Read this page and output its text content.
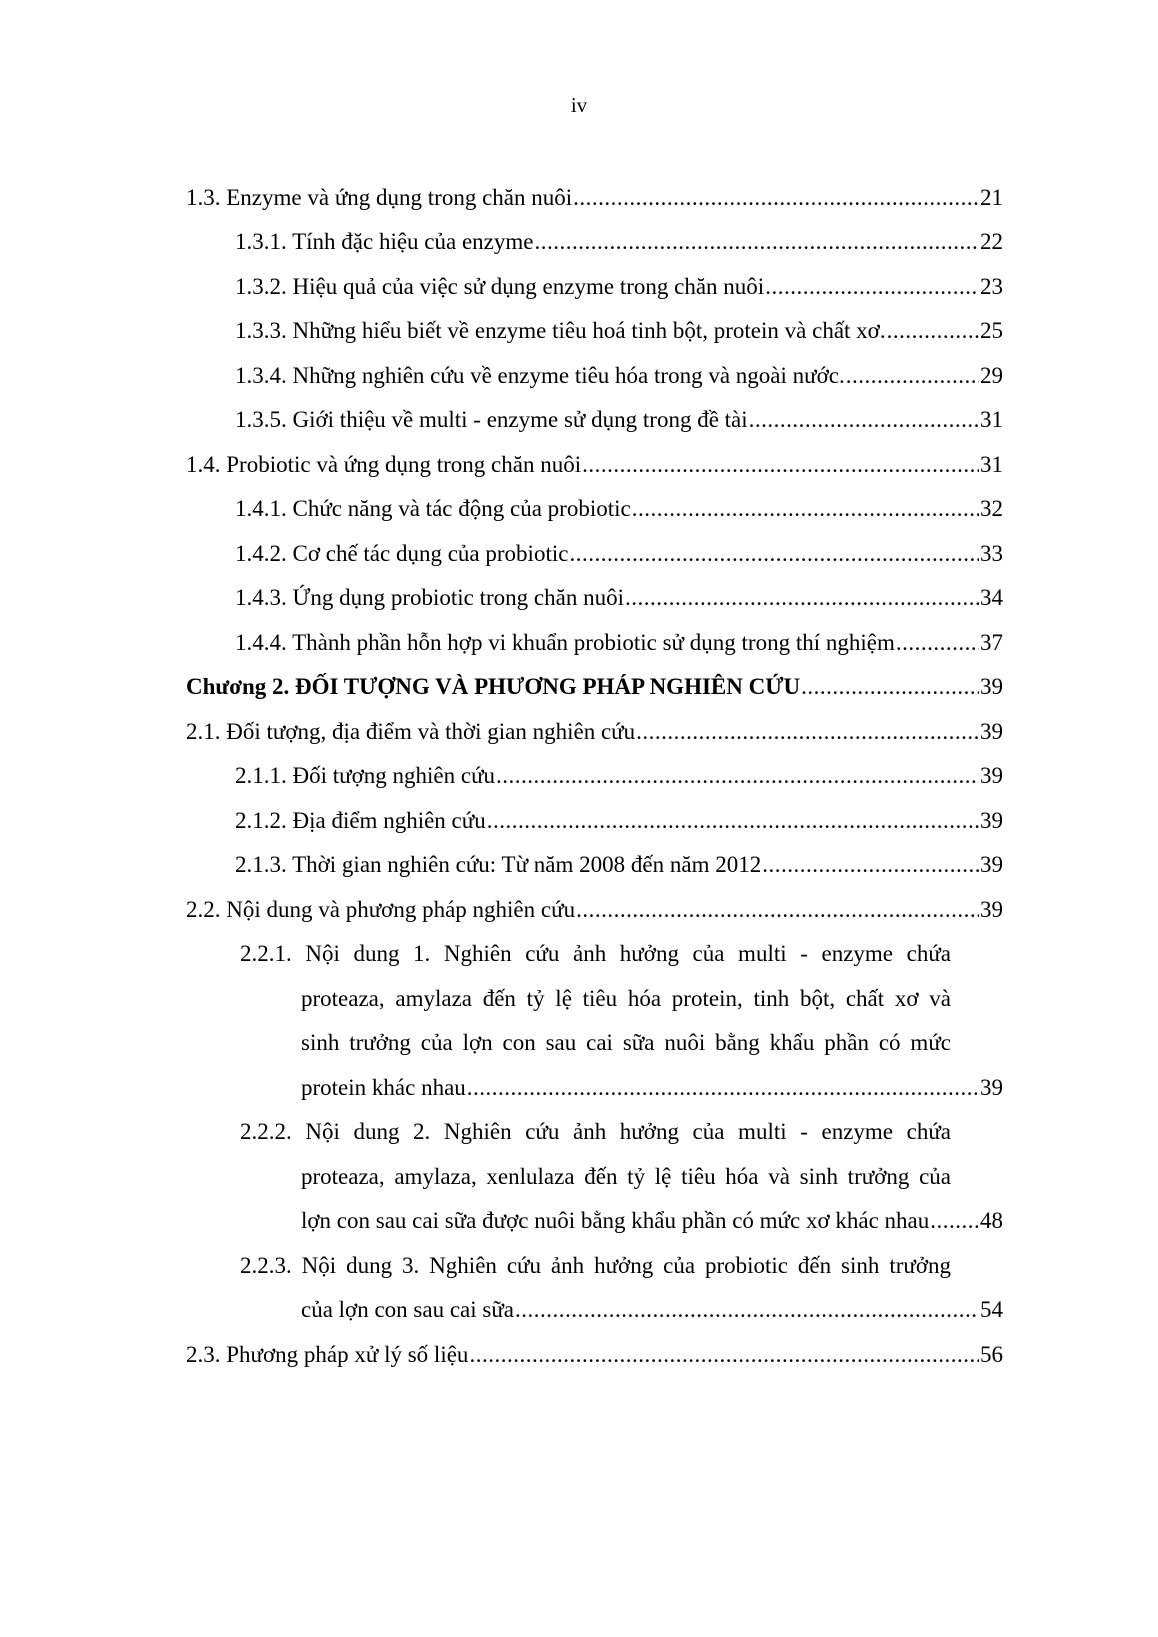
iv
1.3. Enzyme và ứng dụng trong chăn nuôi .....	21
1.3.1. Tính đặc hiệu của enzyme .....	22
1.3.2. Hiệu quả của việc sử dụng enzyme trong chăn nuôi .....	23
1.3.3. Những hiểu biết về enzyme tiêu hoá tinh bột, protein và chất xơ. .....	25
1.3.4. Những nghiên cứu về enzyme tiêu hóa trong và ngoài nước. .....	29
1.3.5. Giới thiệu về multi - enzyme sử dụng trong đề tài .....	31
1.4. Probiotic và ứng dụng trong chăn nuôi .....	31
1.4.1. Chức năng và tác động của probiotic .....	32
1.4.2. Cơ chế tác dụng của probiotic .....	33
1.4.3. Ứng dụng probiotic trong chăn nuôi .....	34
1.4.4. Thành phần hỗn hợp vi khuẩn probiotic sử dụng trong thí nghiệm .....	37
Chương 2. ĐỐI TƯỢNG VÀ PHƯƠNG PHÁP NGHIÊN CỨU .....	39
2.1. Đối tượng, địa điểm và thời gian nghiên cứu .....	39
2.1.1. Đối tượng nghiên cứu .....	39
2.1.2. Địa điểm nghiên cứu .....	39
2.1.3. Thời gian nghiên cứu: Từ năm 2008 đến năm 2012 .....	39
2.2. Nội dung và phương pháp nghiên cứu .....	39
2.2.1. Nội dung 1. Nghiên cứu ảnh hưởng của multi - enzyme chứa
proteaza, amylaza đến tỷ lệ tiêu hóa protein, tinh bột, chất xơ và
sinh trưởng của lợn con sau cai sữa nuôi bằng khẩu phần có mức
protein khác nhau .....	39
2.2.2. Nội dung 2. Nghiên cứu ảnh hưởng của multi - enzyme chứa
proteaza, amylaza, xenlulaza đến tỷ lệ tiêu hóa và sinh trưởng của
lợn con sau cai sữa được nuôi bằng khẩu phần có mức xơ khác nhau ..... 48
2.2.3. Nội dung 3. Nghiên cứu ảnh hưởng của probiotic đến sinh trưởng
của lợn con sau cai sữa .....	54
2.3. Phương pháp xử lý số liệu .....	56
